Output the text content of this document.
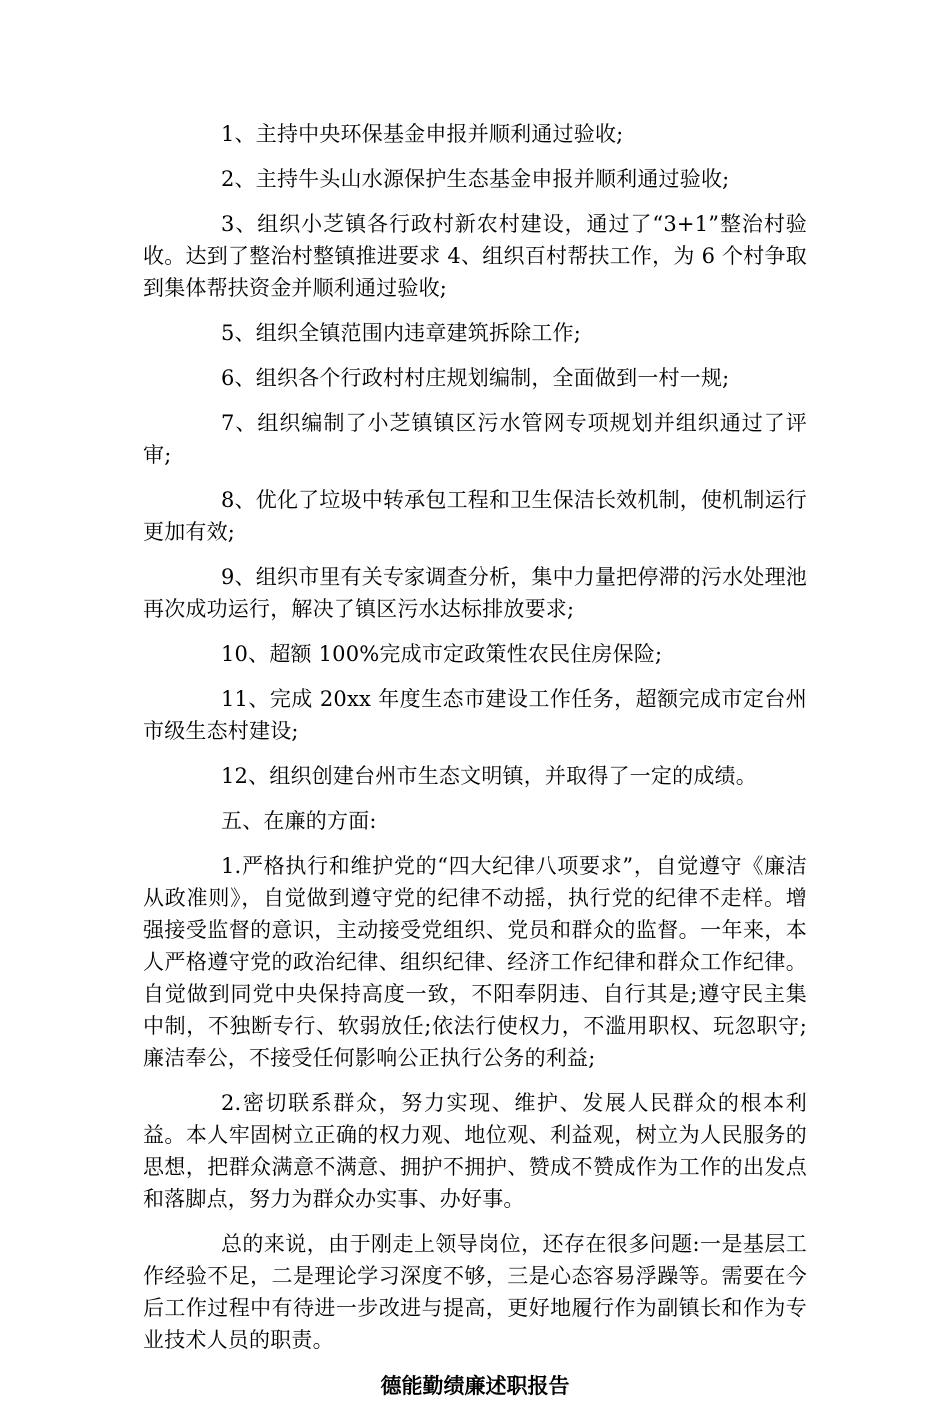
1、主持中央环保基金申报并顺利通过验收;

2、主持牛头山水源保护生态基金申报并顺利通过验收;

3、组织小芝镇各行政村新农村建设，通过了“3+1”整治村验收。达到了整治村整镇推进要求 4、组织百村帮扶工作，为 6 个村争取到集体帮扶资金并顺利通过验收;

5、组织全镇范围内违章建筑拆除工作;

6、组织各个行政村村庄规划编制，全面做到一村一规;

7、组织编制了小芝镇镇区污水管网专项规划并组织通过了评审;

8、优化了垃圾中转承包工程和卫生保洁长效机制，使机制运行更加有效;

9、组织市里有关专家调查分析，集中力量把停滞的污水处理池再次成功运行，解决了镇区污水达标排放要求;

10、超额 100%完成市定政策性农民住房保险;

11、完成 20xx 年度生态市建设工作任务，超额完成市定台州市级生态村建设;

12、组织创建台州市生态文明镇，并取得了一定的成绩。

五、在廉的方面:

1.严格执行和维护党的“四大纪律八项要求”，自觉遵守《廉洁从政准则》，自觉做到遵守党的纪律不动摇，执行党的纪律不走样。增强接受监督的意识，主动接受党组织、党员和群众的监督。一年来，本人严格遵守党的政治纪律、组织纪律、经济工作纪律和群众工作纪律。自觉做到同党中央保持高度一致，不阳奉阴违、自行其是;遵守民主集中制，不独断专行、软弱放任;依法行使权力，不滥用职权、玩忽职守;廉洁奉公，不接受任何影响公正执行公务的利益;

2.密切联系群众，努力实现、维护、发展人民群众的根本利益。本人牢固树立正确的权力观、地位观、利益观，树立为人民服务的思想，把群众满意不满意、拥护不拥护、赞成不赞成作为工作的出发点和落脚点，努力为群众办实事、办好事。

总的来说，由于刚走上领导岗位，还存在很多问题:一是基层工作经验不足，二是理论学习深度不够，三是心态容易浮躁等。需要在今后工作过程中有待进一步改进与提高，更好地履行作为副镇长和作为专业技术人员的职责。

德能勤绩廉述职报告
